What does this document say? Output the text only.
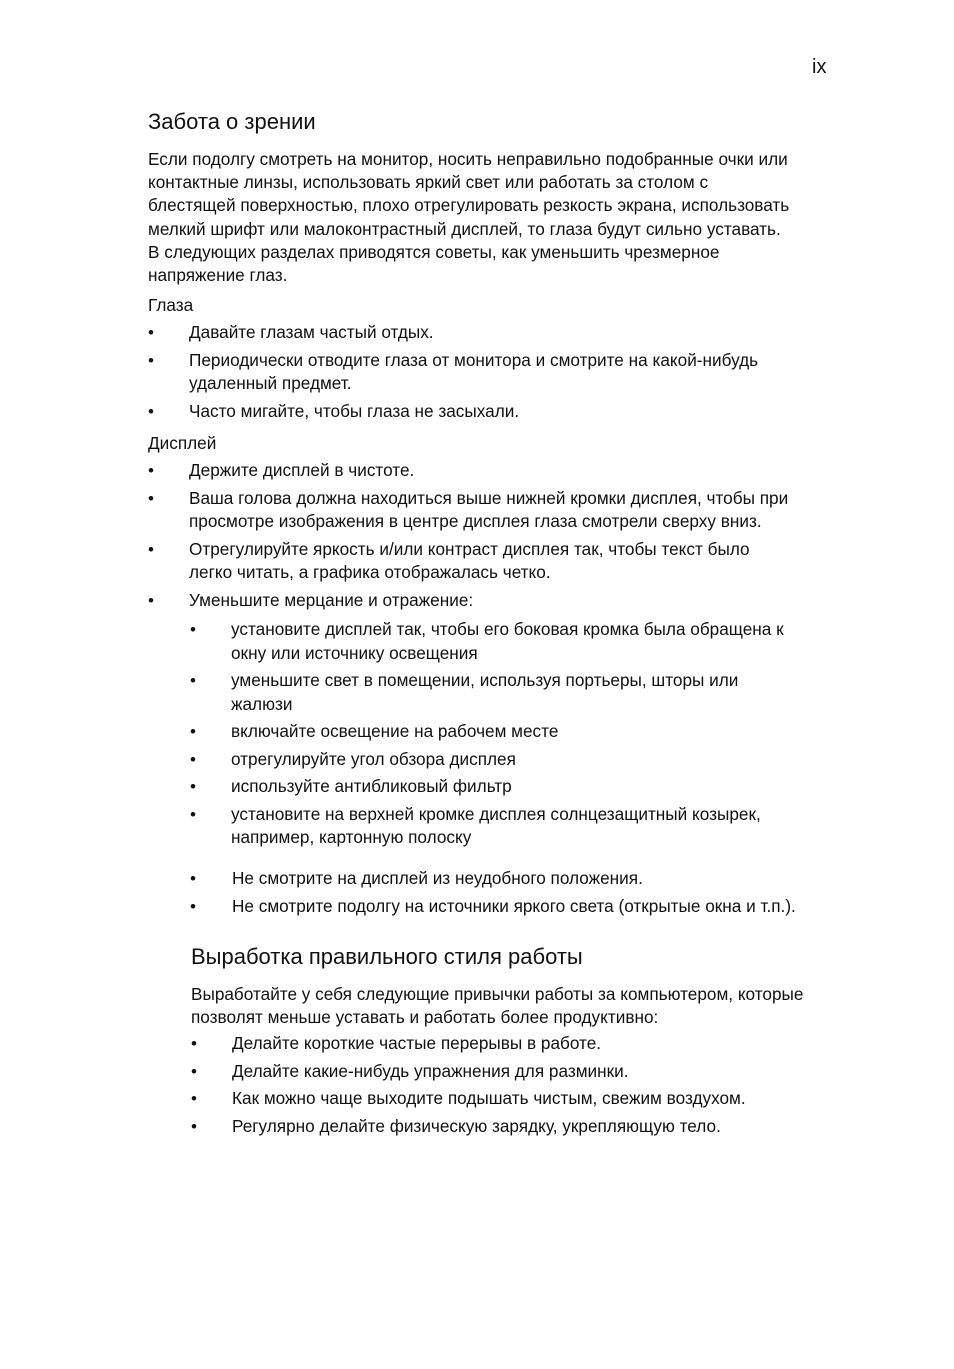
ix
Забота о зрении
Если подолгу смотреть на монитор, носить неправильно подобранные очки или
контактные линзы, использовать яркий свет или работать за столом с
блестящей поверхностью, плохо отрегулировать резкость экрана, использовать
мелкий шрифт или малоконтрастный дисплей, то глаза будут сильно уставать.
В следующих разделах приводятся советы, как уменьшить чрезмерное
напряжение глаз.
Глаза
• Давайте глазам частый отдых.
• Периодически отводите глаза от монитора и смотрите на какой-нибудь
удаленный предмет.
• Часто мигайте, чтобы глаза не засыхали.
Дисплей
• Держите дисплей в чистоте.
• Ваша голова должна находиться выше нижней кромки дисплея, чтобы при
просмотре изображения в центре дисплея глаза смотрели сверху вниз.
• Отрегулируйте яркость и/или контраст дисплея так, чтобы текст было
легко читать, а графика отображалась четко.
• Уменьшите мерцание и отражение:
• установите дисплей так, чтобы его боковая кромка была обращена к
окну или источнику освещения
• уменьшите свет в помещении, используя портьеры, шторы или
жалюзи
• включайте освещение на рабочем месте
• отрегулируйте угол обзора дисплея
• используйте антибликовый фильтр
• установите на верхней кромке дисплея солнцезащитный козырек,
например, картонную полоску
• Не смотрите на дисплей из неудобного положения.
• Не смотрите подолгу на источники яркого света (открытые окна и т.п.).
Выработка правильного стиля работы
Выработайте у себя следующие привычки работы за компьютером, которые
позволят меньше уставать и работать более продуктивно:
• Делайте короткие частые перерывы в работе.
• Делайте какие-нибудь упражнения для разминки.
• Как можно чаще выходите подышать чистым, свежим воздухом.
• Регулярно делайте физическую зарядку, укрепляющую тело.
